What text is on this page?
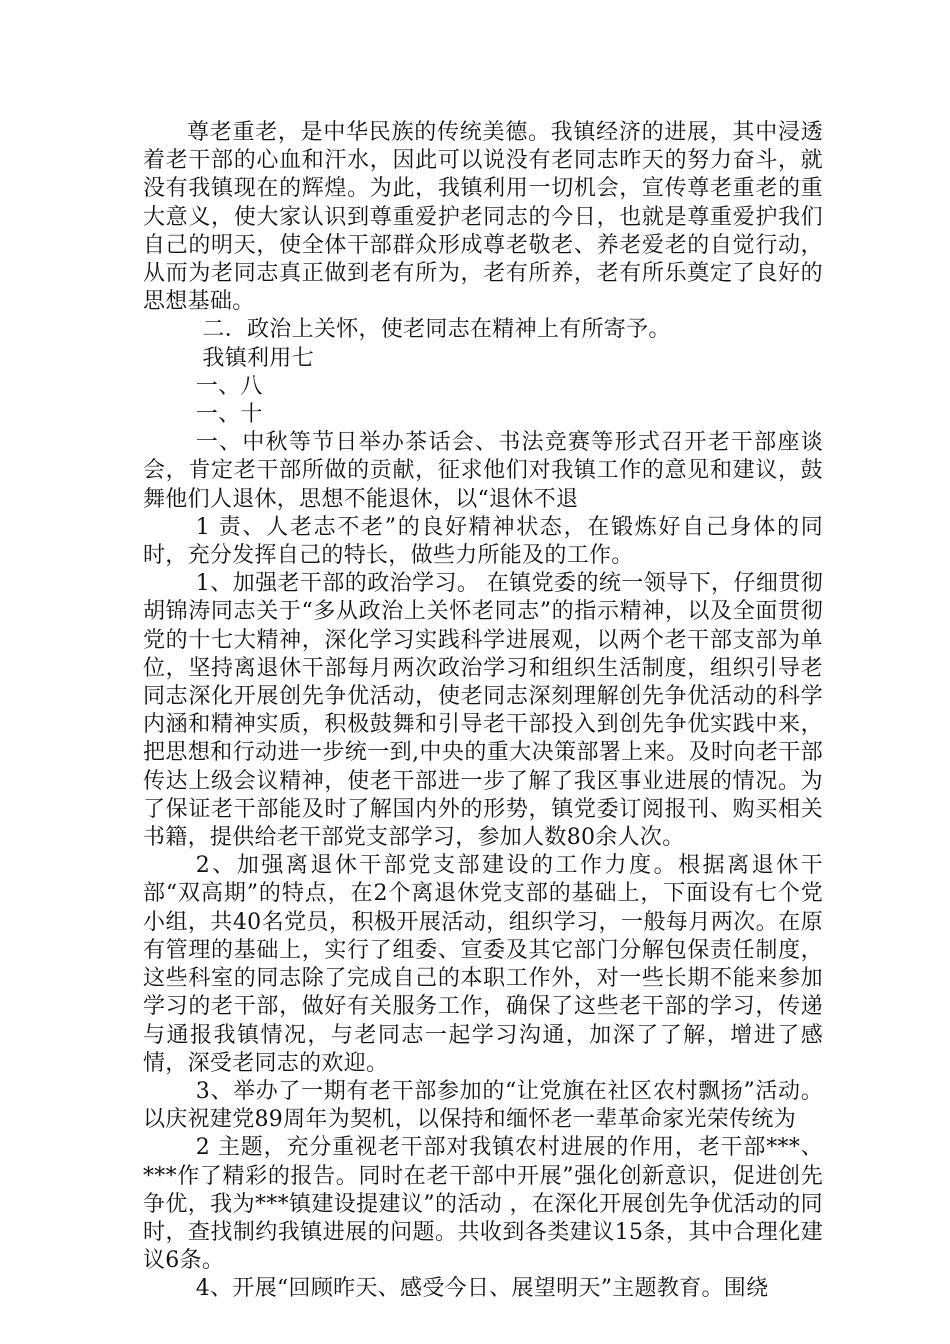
尊老重老，是中华民族的传统美德。我镇经济的进展，其中浸透着老干部的心血和汗水，因此可以说没有老同志昨天的努力奋斗，就没有我镇现在的辉煌。为此，我镇利用一切机会，宣传尊老重老的重大意义，使大家认识到尊重爱护老同志的今日，也就是尊重爱护我们自己的明天，使全体干部群众形成尊老敬老、养老爱老的自觉行动，从而为老同志真正做到老有所为，老有所养，老有所乐奠定了良好的思想基础。

二．政治上关怀，使老同志在精神上有所寄予。

我镇利用七

一、八

一、十

一、中秋等节日举办茶话会、书法竞赛等形式召开老干部座谈会，肯定老干部所做的贡献，征求他们对我镇工作的意见和建议，鼓舞他们人退休，思想不能退休，以“退休不退

1 责、人老志不老”的良好精神状态，在锻炼好自己身体的同时，充分发挥自己的特长，做些力所能及的工作。

1、加强老干部的政治学习。 在镇党委的统一领导下，仔细贯彻胡锦涛同志关于“多从政治上关怀老同志”的指示精神，以及全面贯彻党的十七大精神，深化学习实践科学进展观，以两个老干部支部为单位，坚持离退休干部每月两次政治学习和组织生活制度，组织引导老同志深化开展创先争优活动，使老同志深刻理解创先争优活动的科学内涵和精神实质，积极鼓舞和引导老干部投入到创先争优实践中来，把思想和行动进一步统一到,中央的重大决策部署上来。及时向老干部传达上级会议精神，使老干部进一步了解了我区事业进展的情况。为了保证老干部能及时了解国内外的形势，镇党委订阅报刊、购买相关书籍，提供给老干部党支部学习，参加人数80余人次。

2、加强离退休干部党支部建设的工作力度。根据离退休干部“双高期”的特点，在2个离退休党支部的基础上，下面设有七个党小组，共40名党员，积极开展活动，组织学习，一般每月两次。在原有管理的基础上，实行了组委、宣委及其它部门分解包保责任制度，这些科室的同志除了完成自己的本职工作外，对一些长期不能来参加学习的老干部，做好有关服务工作，确保了这些老干部的学习，传递与通报我镇情况，与老同志一起学习沟通，加深了了解，增进了感情，深受老同志的欢迎。

3、举办了一期有老干部参加的“让党旗在社区农村飘扬”活动。以庆祝建党89周年为契机，以保持和缅怀老一辈革命家光荣传统为

2 主题，充分重视老干部对我镇农村进展的作用，老干部***、***作了精彩的报告。同时在老干部中开展”强化创新意识，促进创先争优，我为***镇建设提建议”的活动 ，在深化开展创先争优活动的同时，查找制约我镇进展的问题。共收到各类建议15条，其中合理化建议6条。

4、开展“回顾昨天、感受今日、展望明天”主题教育。围绕
